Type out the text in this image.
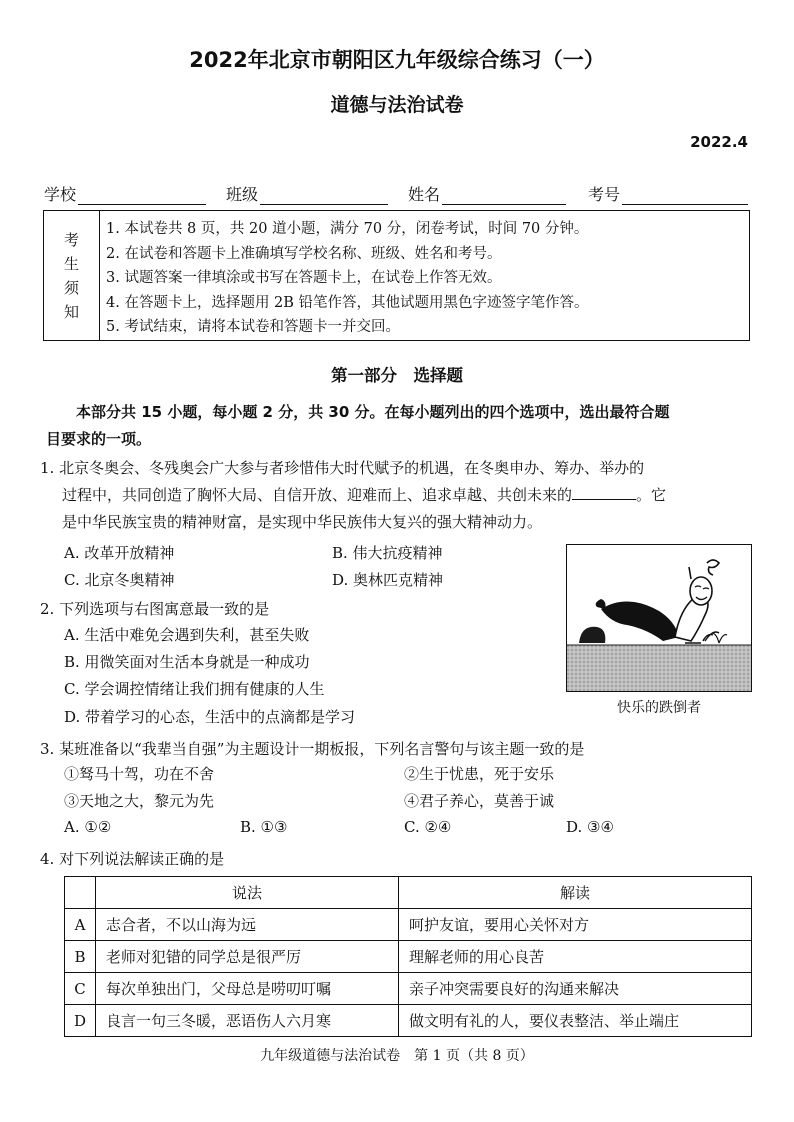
2022年北京市朝阳区九年级综合练习（一）
道德与法治试卷
2022.4
学校	班级	姓名	考号
考
生
须
知
1. 本试卷共 8 页，共 20 道小题，满分 70 分，闭卷考试，时间 70 分钟。
2. 在试卷和答题卡上准确填写学校名称、班级、姓名和考号。
3. 试题答案一律填涂或书写在答题卡上，在试卷上作答无效。
4. 在答题卡上，选择题用 2B 铅笔作答，其他试题用黑色字迹签字笔作答。
5. 考试结束，请将本试卷和答题卡一并交回。
第一部分　选择题
本部分共 15 小题，每小题 2 分，共 30 分。在每小题列出的四个选项中，选出最符合题
目要求的一项。
1. 北京冬奥会、冬残奥会广大参与者珍惜伟大时代赋予的机遇，在冬奥申办、筹办、举办的
过程中，共同创造了胸怀大局、自信开放、迎难而上、追求卓越、共创未来的	。它
是中华民族宝贵的精神财富，是实现中华民族伟大复兴的强大精神动力。
A. 改革开放精神	B. 伟大抗疫精神
C. 北京冬奥精神	D. 奥林匹克精神
2. 下列选项与右图寓意最一致的是
A. 生活中难免会遇到失利，甚至失败
B. 用微笑面对生活本身就是一种成功
C. 学会调控情绪让我们拥有健康的人生
D. 带着学习的心态，生活中的点滴都是学习	快乐的跌倒者
3. 某班准备以“我辈当自强”为主题设计一期板报，下列名言警句与该主题一致的是
①驽马十驾，功在不舍	②生于忧患，死于安乐
③天地之大，黎元为先	④君子养心，莫善于诚
A. ①②	B. ①③	C. ②④	D. ③④
4. 对下列说法解读正确的是
	说法	解读
A	志合者，不以山海为远	呵护友谊，要用心关怀对方
B	老师对犯错的同学总是很严厉	理解老师的用心良苦
C	每次单独出门，父母总是唠叨叮嘱	亲子冲突需要良好的沟通来解决
D	良言一句三冬暖，恶语伤人六月寒	做文明有礼的人，要仪表整洁、举止端庄
九年级道德与法治试卷　第 1 页（共 8 页）
